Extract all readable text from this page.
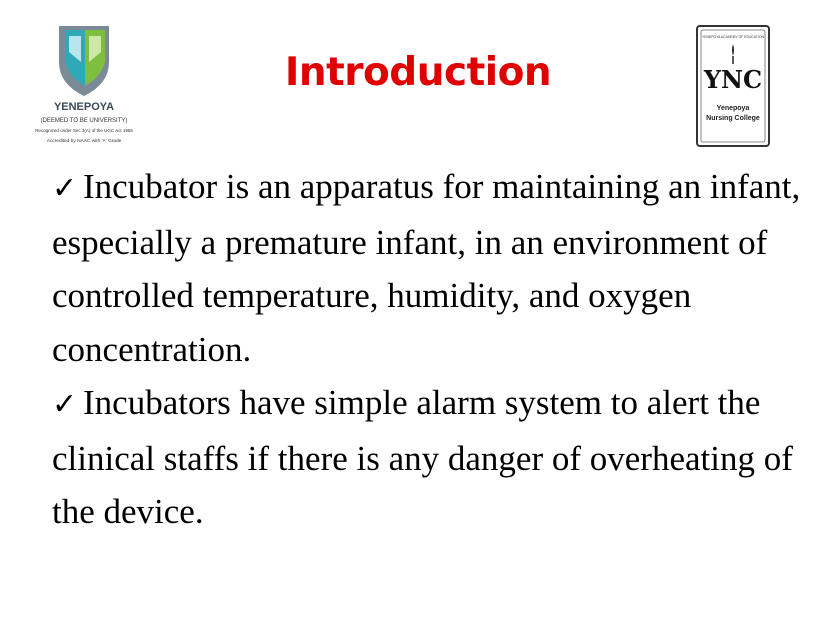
YENEPOYA
(DEEMED TO BE UNIVERSITY)
Recognized under Sec 3(A) of the UGC Act 1956
Accredited by NAAC with 'A' Grade
Introduction
YENEPOYA ACADEMY OF EDUCATION
YNC
Yenepoya
Nursing College

✓ Incubator is an apparatus for maintaining an infant, especially a premature infant, in an environment of controlled temperature, humidity, and oxygen concentration.

✓ Incubators have simple alarm system to alert the clinical staffs if there is any danger of overheating of the device.
